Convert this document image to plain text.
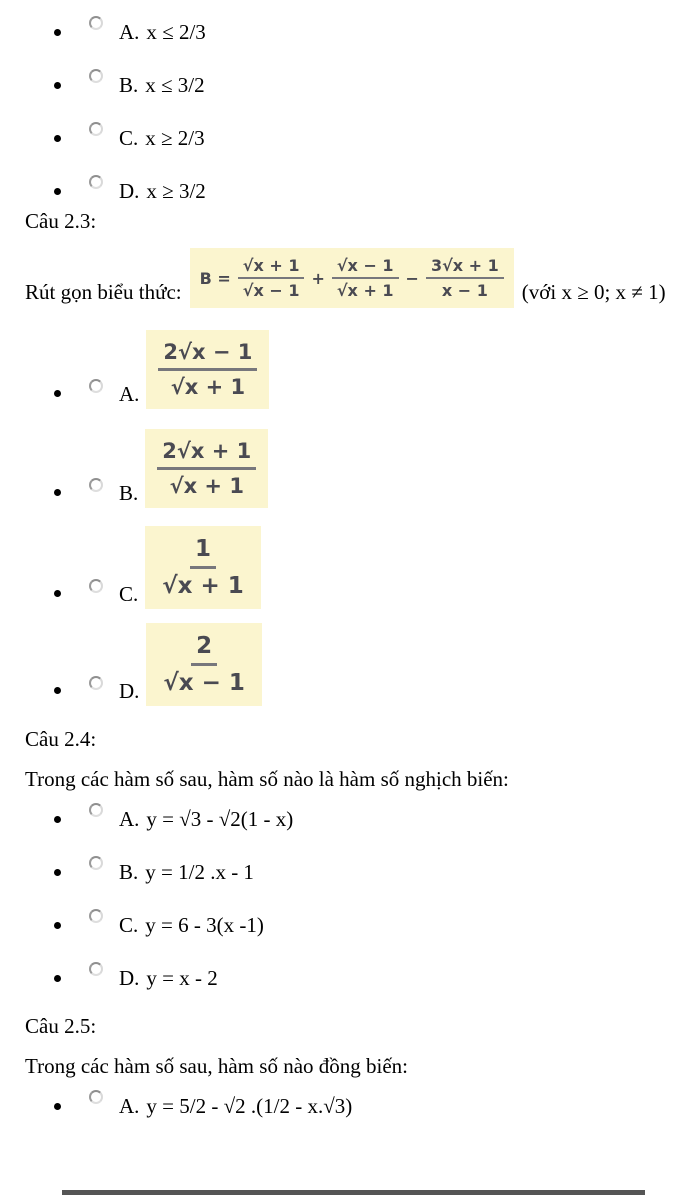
A. x ≤ 2/3
B. x ≤ 3/2
C. x ≥ 2/3
D. x ≥ 3/2
Câu 2.3:
Rút gọn biểu thức:
$B = \frac{√x + 1}{√x - 1} + \frac{√x - 1}{√x + 1} - \frac{3√x + 1}{x - 1}$ (với x ≥ 0; x ≠ 1)
A. $\frac{2√x - 1}{√x + 1}$
B. $\frac{2√x + 1}{√x + 1}$
C. $\frac{1}{√x + 1}$
D. $\frac{2}{√x - 1}$
Câu 2.4:
Trong các hàm số sau, hàm số nào là hàm số nghịch biến:
A. y = √3 - √2(1 - x)
B. y = 1/2 .x - 1
C. y = 6 - 3(x -1)
D. y = x - 2
Câu 2.5:
Trong các hàm số sau, hàm số nào đồng biến:
A. y = 5/2 - √2 .(1/2 - x.√3)
